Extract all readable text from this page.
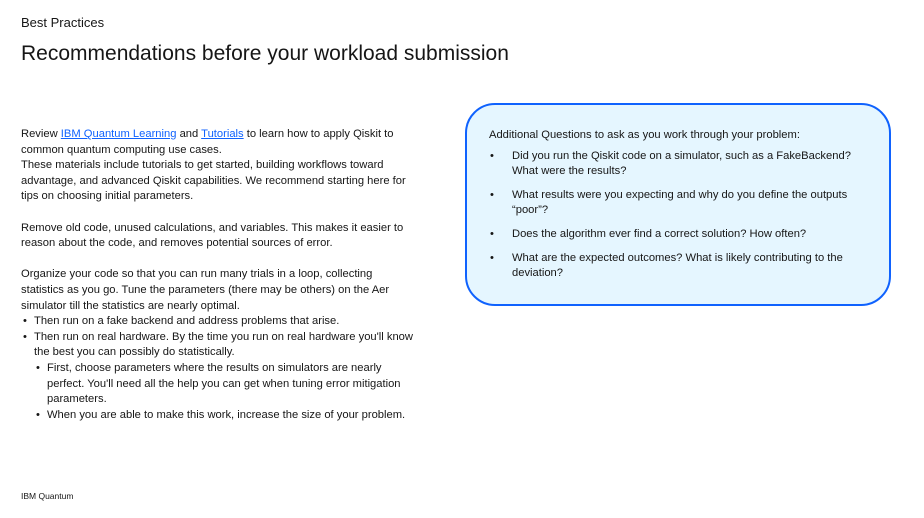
Best Practices
Recommendations before your workload submission

Review IBM Quantum Learning and Tutorials to learn how to apply Qiskit to common quantum computing use cases.

These materials include tutorials to get started, building workflows toward advantage, and advanced Qiskit capabilities. We recommend starting here for tips on choosing initial parameters.

Remove old code, unused calculations, and variables. This makes it easier to reason about the code, and removes potential sources of error.

Organize your code so that you can run many trials in a loop, collecting statistics as you go. Tune the parameters (there may be others) on the Aer simulator till the statistics are nearly optimal.

• Then run on a fake backend and address problems that arise.
• Then run on real hardware. By the time you run on real hardware you'll know the best you can possibly do statistically.
• First, choose parameters where the results on simulators are nearly perfect. You'll need all the help you can get when tuning error mitigation parameters.
• When you are able to make this work, increase the size of your problem.
Additional Questions to ask as you work through your problem:
• Did you run the Qiskit code on a simulator, such as a FakeBackend? What were the results?
• What results were you expecting and why do you define the outputs “poor”?
• Does the algorithm ever find a correct solution? How often?
• What are the expected outcomes? What is likely contributing to the deviation?
IBM Quantum
